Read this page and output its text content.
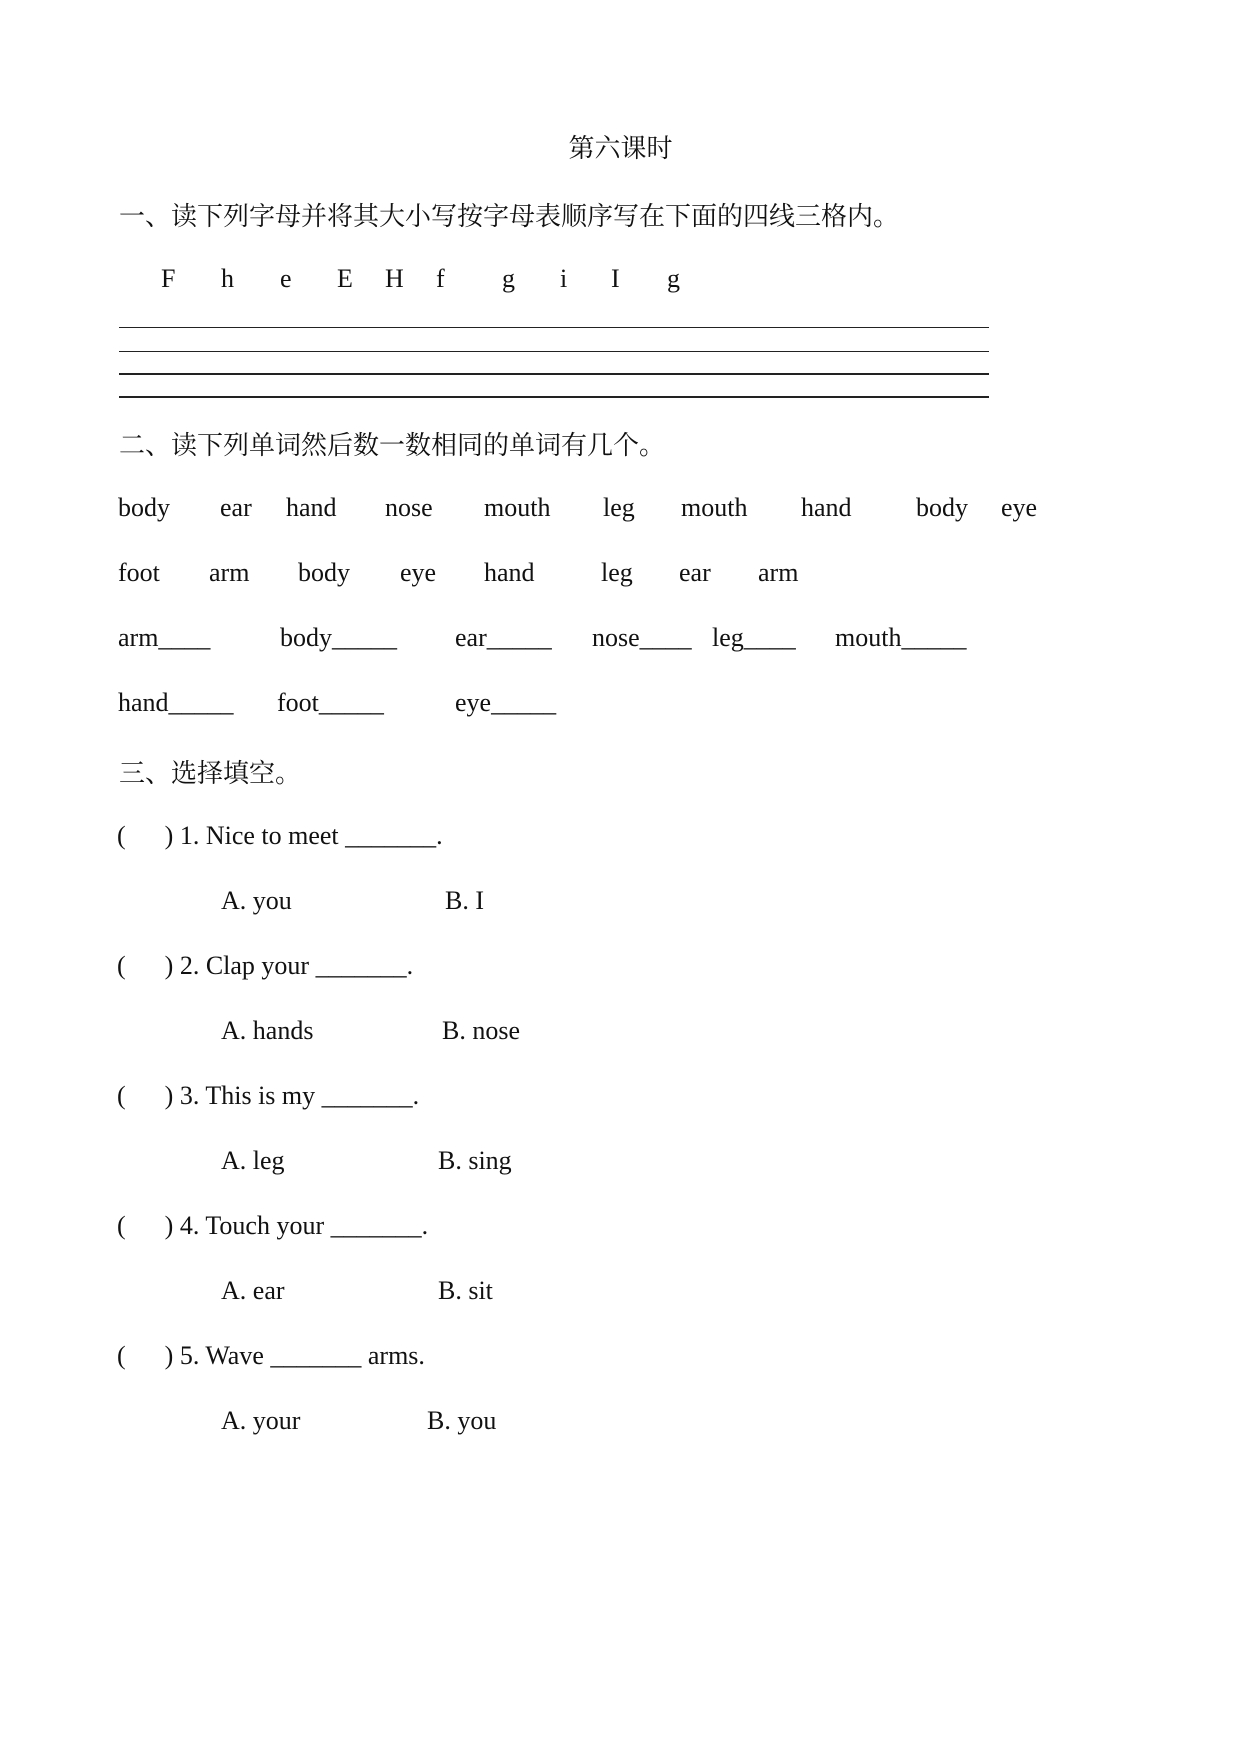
第六课时
一、读下列字母并将其大小写按字母表顺序写在下面的四线三格内。
F h e E H f g i I g
二、读下列单词然后数一数相同的单词有几个。
body ear hand nose mouth leg mouth hand body eye
foot arm body eye hand	leg ear arm
arm____	body_____ ear_____ nose____ leg____ mouth_____
hand_____ foot_____	eye_____
三、选择填空。
(      ) 1. Nice to meet _______.
A. you	B. I
(      ) 2. Clap your _______.
A. hands	B. nose
(      ) 3. This is my _______.
A. leg	B. sing
(      ) 4. Touch your _______.
A. ear	B. sit
(      ) 5. Wave _______ arms.
A. your	B. you
